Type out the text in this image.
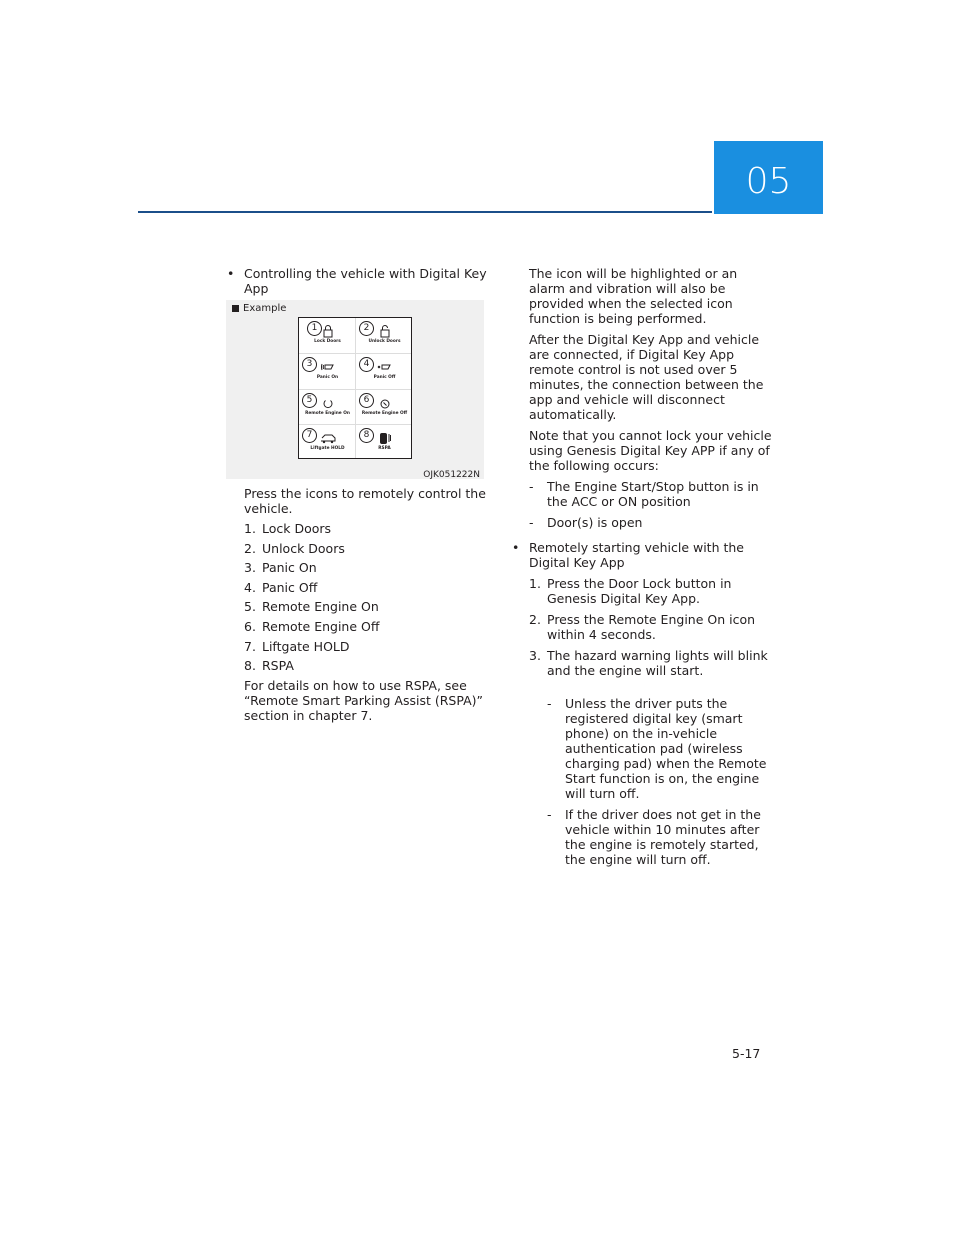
05
• Controlling the vehicle with Digital Key App
Example
1
Lock Doors
2
Unlock Doors
3
Panic On
4
Panic Off
5
Remote Engine On
6
Remote Engine Off
7
Liftgate HOLD
8
RSPA
OJK051222N

Press the icons to remotely control the vehicle.

1. Lock Doors
2. Unlock Doors
3. Panic On
4. Panic Off
5. Remote Engine On
6. Remote Engine Off
7. Liftgate HOLD
8. RSPA

For details on how to use RSPA, see “Remote Smart Parking Assist (RSPA)” section in chapter 7.

The icon will be highlighted or an alarm and vibration will also be provided when the selected icon function is being performed.

After the Digital Key App and vehicle are connected, if Digital Key App remote control is not used over 5 minutes, the connection between the app and vehicle will disconnect automatically.

Note that you cannot lock your vehicle using Genesis Digital Key APP if any of the following occurs:

- The Engine Start/Stop button is in the ACC or ON position
- Door(s) is open
• Remotely starting vehicle with the Digital Key App
1. Press the Door Lock button in Genesis Digital Key App.
2. Press the Remote Engine On icon within 4 seconds.
3. The hazard warning lights will blink and the engine will start.
- Unless the driver puts the registered digital key (smart phone) on the in-vehicle authentication pad (wireless charging pad) when the Remote Start function is on, the engine will turn off.
- If the driver does not get in the vehicle within 10 minutes after the engine is remotely started, the engine will turn off.
5-17
